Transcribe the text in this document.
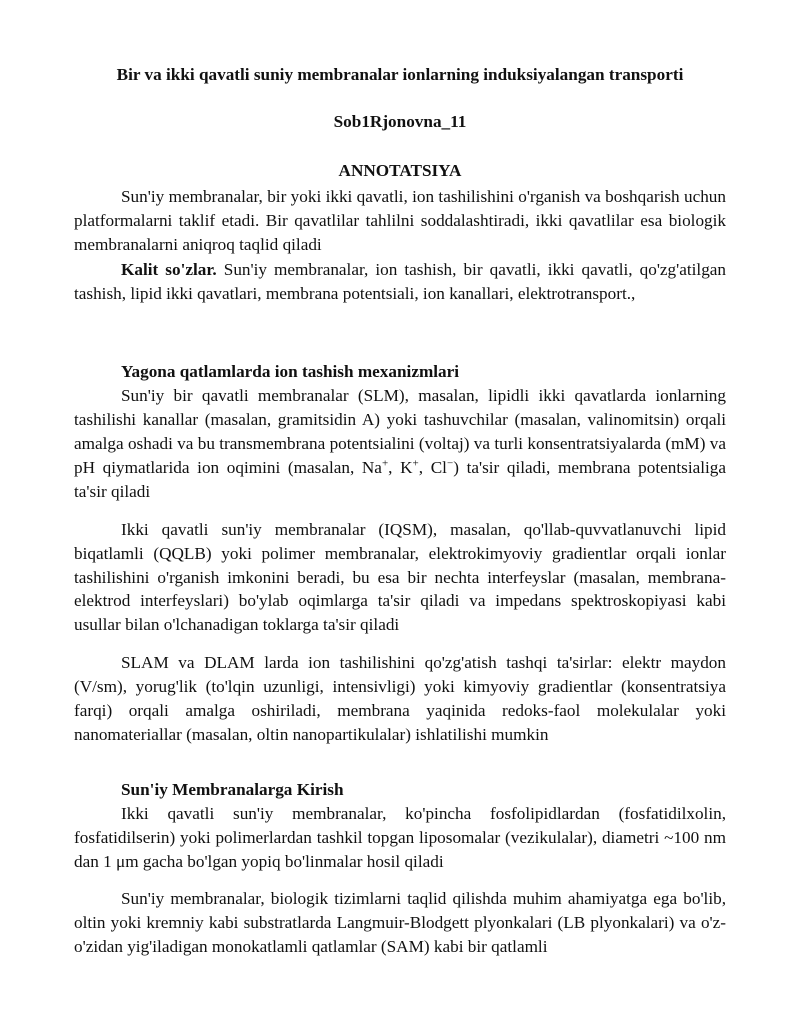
Bir va ikki qavatli suniy membranalar ionlarning induksiyalangan transporti
Sob1Rjonovna_11
ANNOTATSIYA

Sun'iy membranalar, bir yoki ikki qavatli, ion tashilishini o'rganish va boshqarish uchun platformalarni taklif etadi. Bir qavatlilar tahlilni soddalashtiradi, ikki qavatlilar esa biologik membranalarni aniqroq taqlid qiladi

Kalit so'zlar. Sun'iy membranalar, ion tashish, bir qavatli, ikki qavatli, qo'zg'atilgan tashish, lipid ikki qavatlari, membrana potentsiali, ion kanallari, elektrotransport.,

Yagona qatlamlarda ion tashish mexanizmlari

Sun'iy bir qavatli membranalar (SLM), masalan, lipidli ikki qavatlarda ionlarning tashilishi kanallar (masalan, gramitsidin A) yoki tashuvchilar (masalan, valinomitsin) orqali amalga oshadi va bu transmembrana potentsialini (voltaj) va turli konsentratsiyalarda (mM) va pH qiymatlarida ion oqimini (masalan, Na+, K+, Cl−) ta'sir qiladi, membrana potentsialiga ta'sir qiladi

Ikki qavatli sun'iy membranalar (IQSM), masalan, qo'llab-quvvatlanuvchi lipid biqatlamli (QQLB) yoki polimer membranalar, elektrokimyoviy gradientlar orqali ionlar tashilishini o'rganish imkonini beradi, bu esa bir nechta interfeyslar (masalan, membrana-elektrod interfeyslari) bo'ylab oqimlarga ta'sir qiladi va impedans spektroskopiyasi kabi usullar bilan o'lchanadigan toklarga ta'sir qiladi

SLAM va DLAM larda ion tashilishini qo'zg'atish tashqi ta'sirlar: elektr maydon (V/sm), yorug'lik (to'lqin uzunligi, intensivligi) yoki kimyoviy gradientlar (konsentratsiya farqi) orqali amalga oshiriladi, membrana yaqinida redoks-faol molekulalar yoki nanomateriallar (masalan, oltin nanopartikulalar) ishlatilishi mumkin

Sun'iy Membranalarga Kirish

Ikki qavatli sun'iy membranalar, ko'pincha fosfolipidlardan (fosfatidilxolin, fosfatidilserin) yoki polimerlardan tashkil topgan liposomalar (vezikulalar), diametri ~100 nm dan 1 μm gacha bo'lgan yopiq bo'linmalar hosil qiladi

Sun'iy membranalar, biologik tizimlarni taqlid qilishda muhim ahamiyatga ega bo'lib, oltin yoki kremniy kabi substratlarda Langmuir-Blodgett plyonkalari (LB plyonkalari) va o'z-o'zidan yig'iladigan monokatlamli qatlamlar (SAM) kabi bir qatlamli
